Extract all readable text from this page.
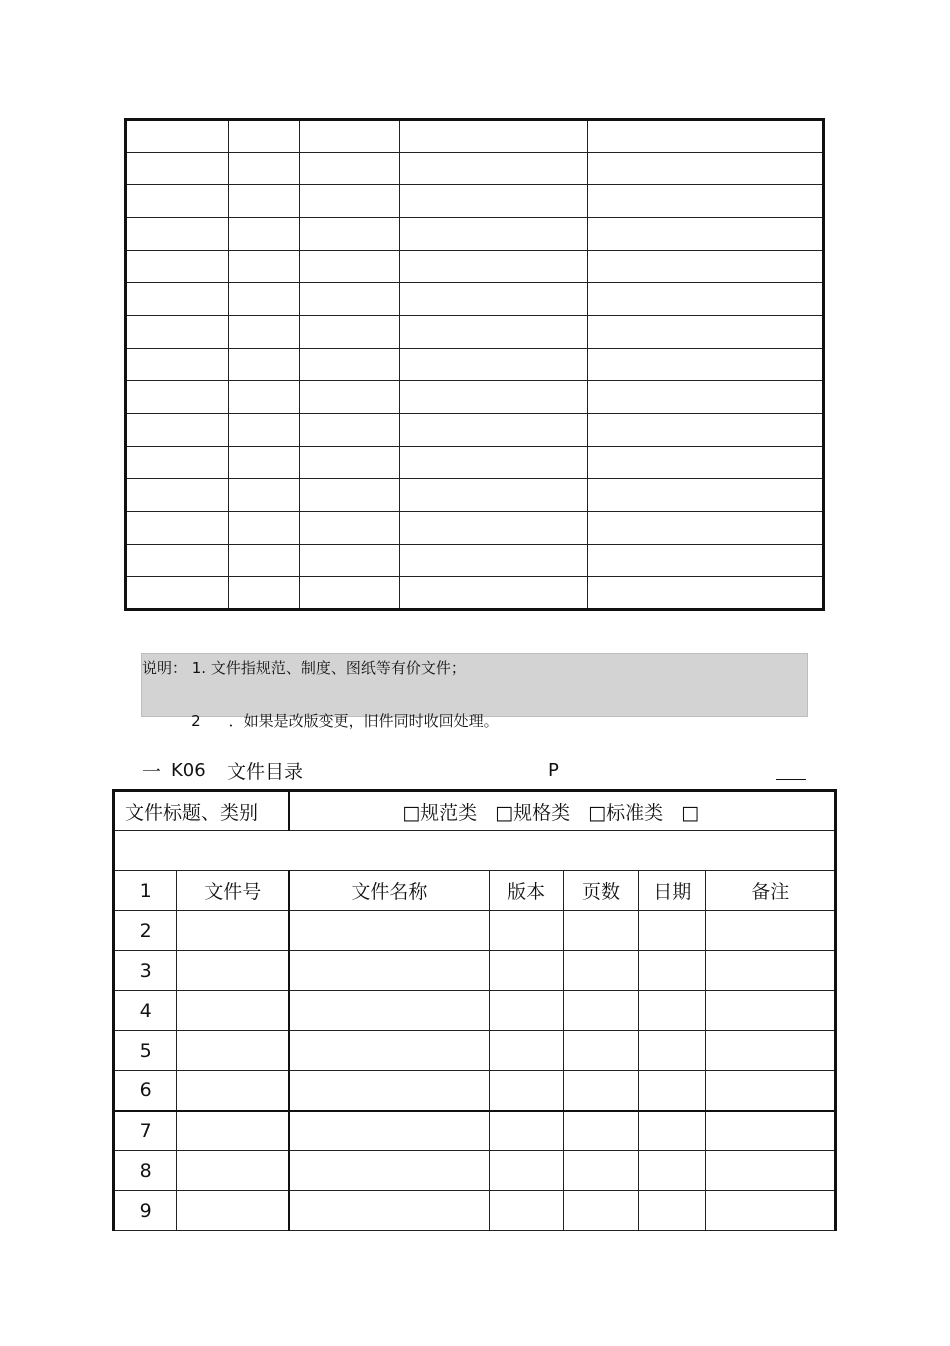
说明： 1. 文件指规范、制度、图纸等有价文件；

2 ．如果是改版变更，旧件同时收回处理。

一 K06 文件目录	P
文件标题、类别		□规范类 □规格类 □标准类 □				

1	文件号	文件名称	版本	页数	日期	备注
2						
3						
4						
5						
6						
7						
8						
9						
